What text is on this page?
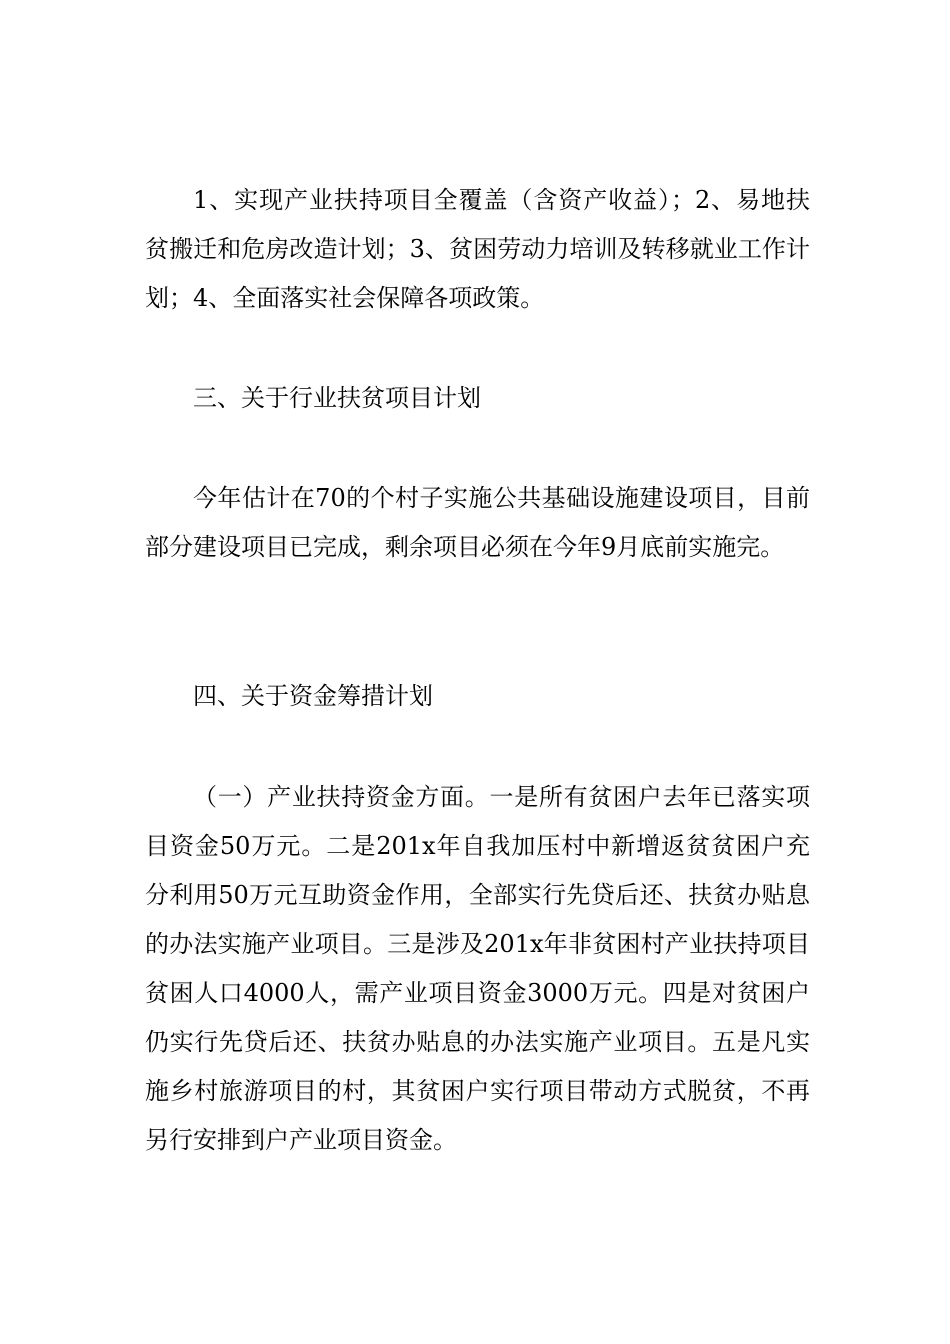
1、实现产业扶持项目全覆盖（含资产收益）；2、易地扶贫搬迁和危房改造计划；3、贫困劳动力培训及转移就业工作计划；4、全面落实社会保障各项政策。

三、关于行业扶贫项目计划

今年估计在70的个村子实施公共基础设施建设项目，目前部分建设项目已完成，剩余项目必须在今年9月底前实施完。

四、关于资金筹措计划

（一）产业扶持资金方面。一是所有贫困户去年已落实项目资金50万元。二是201x年自我加压村中新增返贫贫困户充分利用50万元互助资金作用，全部实行先贷后还、扶贫办贴息的办法实施产业项目。三是涉及201x年非贫困村产业扶持项目贫困人口4000人，需产业项目资金3000万元。四是对贫困户仍实行先贷后还、扶贫办贴息的办法实施产业项目。五是凡实施乡村旅游项目的村，其贫困户实行项目带动方式脱贫，不再另行安排到户产业项目资金。
